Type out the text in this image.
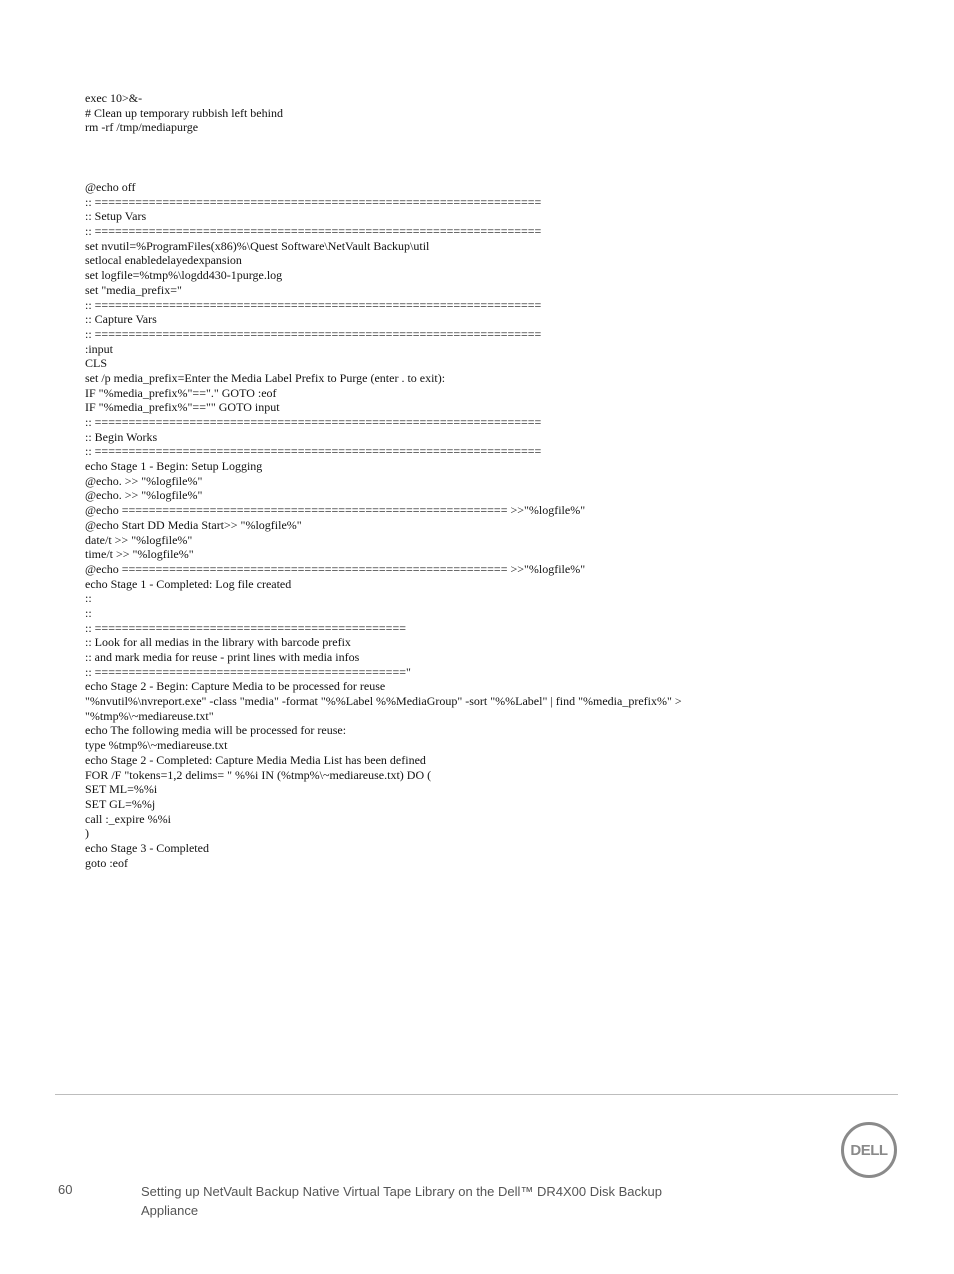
exec 10>&-
# Clean up temporary rubbish left behind
rm -rf /tmp/mediapurge
@echo off
:: ==================================================================
:: Setup Vars
:: ==================================================================
set nvutil=%ProgramFiles(x86)%\Quest Software\NetVault Backup\util
setlocal enabledelayedexpansion
set logfile=%tmp%\logdd430-1purge.log
set "media_prefix="
:: ==================================================================
:: Capture Vars
:: ==================================================================
:input
CLS
set /p media_prefix=Enter the Media Label Prefix to Purge (enter . to exit):
IF "%media_prefix%"=="." GOTO :eof
IF "%media_prefix%"=="" GOTO input
:: ==================================================================
:: Begin Works
:: ==================================================================
echo Stage 1 - Begin: Setup Logging
@echo. >> "%logfile%"
@echo. >> "%logfile%"
@echo ========================================================= >>"%logfile%"
@echo Start DD Media Start>> "%logfile%"
date/t >> "%logfile%"
time/t >> "%logfile%"
@echo ========================================================= >>"%logfile%"
echo Stage 1 - Completed: Log file created
::
::
:: ==============================================
:: Look for all medias in the library with barcode prefix
:: and mark media for reuse - print lines with media infos
:: =============================================="
echo Stage 2 - Begin: Capture Media to be processed for reuse
"%nvutil%\nvreport.exe" -class "media" -format "%%Label %%MediaGroup" -sort "%%Label" | find "%media_prefix%" >
"%tmp%\~mediareuse.txt"
echo The following media will be processed for reuse:
type %tmp%\~mediareuse.txt
echo Stage 2 - Completed: Capture Media Media List has been defined
FOR /F "tokens=1,2 delims= " %%i IN (%tmp%\~mediareuse.txt) DO (
SET ML=%%i
SET GL=%%j
call :_expire %%i
)
echo Stage 3 - Completed
goto :eof
60	Setting up NetVault Backup Native Virtual Tape Library on the Dell™ DR4X00 Disk Backup Appliance
DELL
